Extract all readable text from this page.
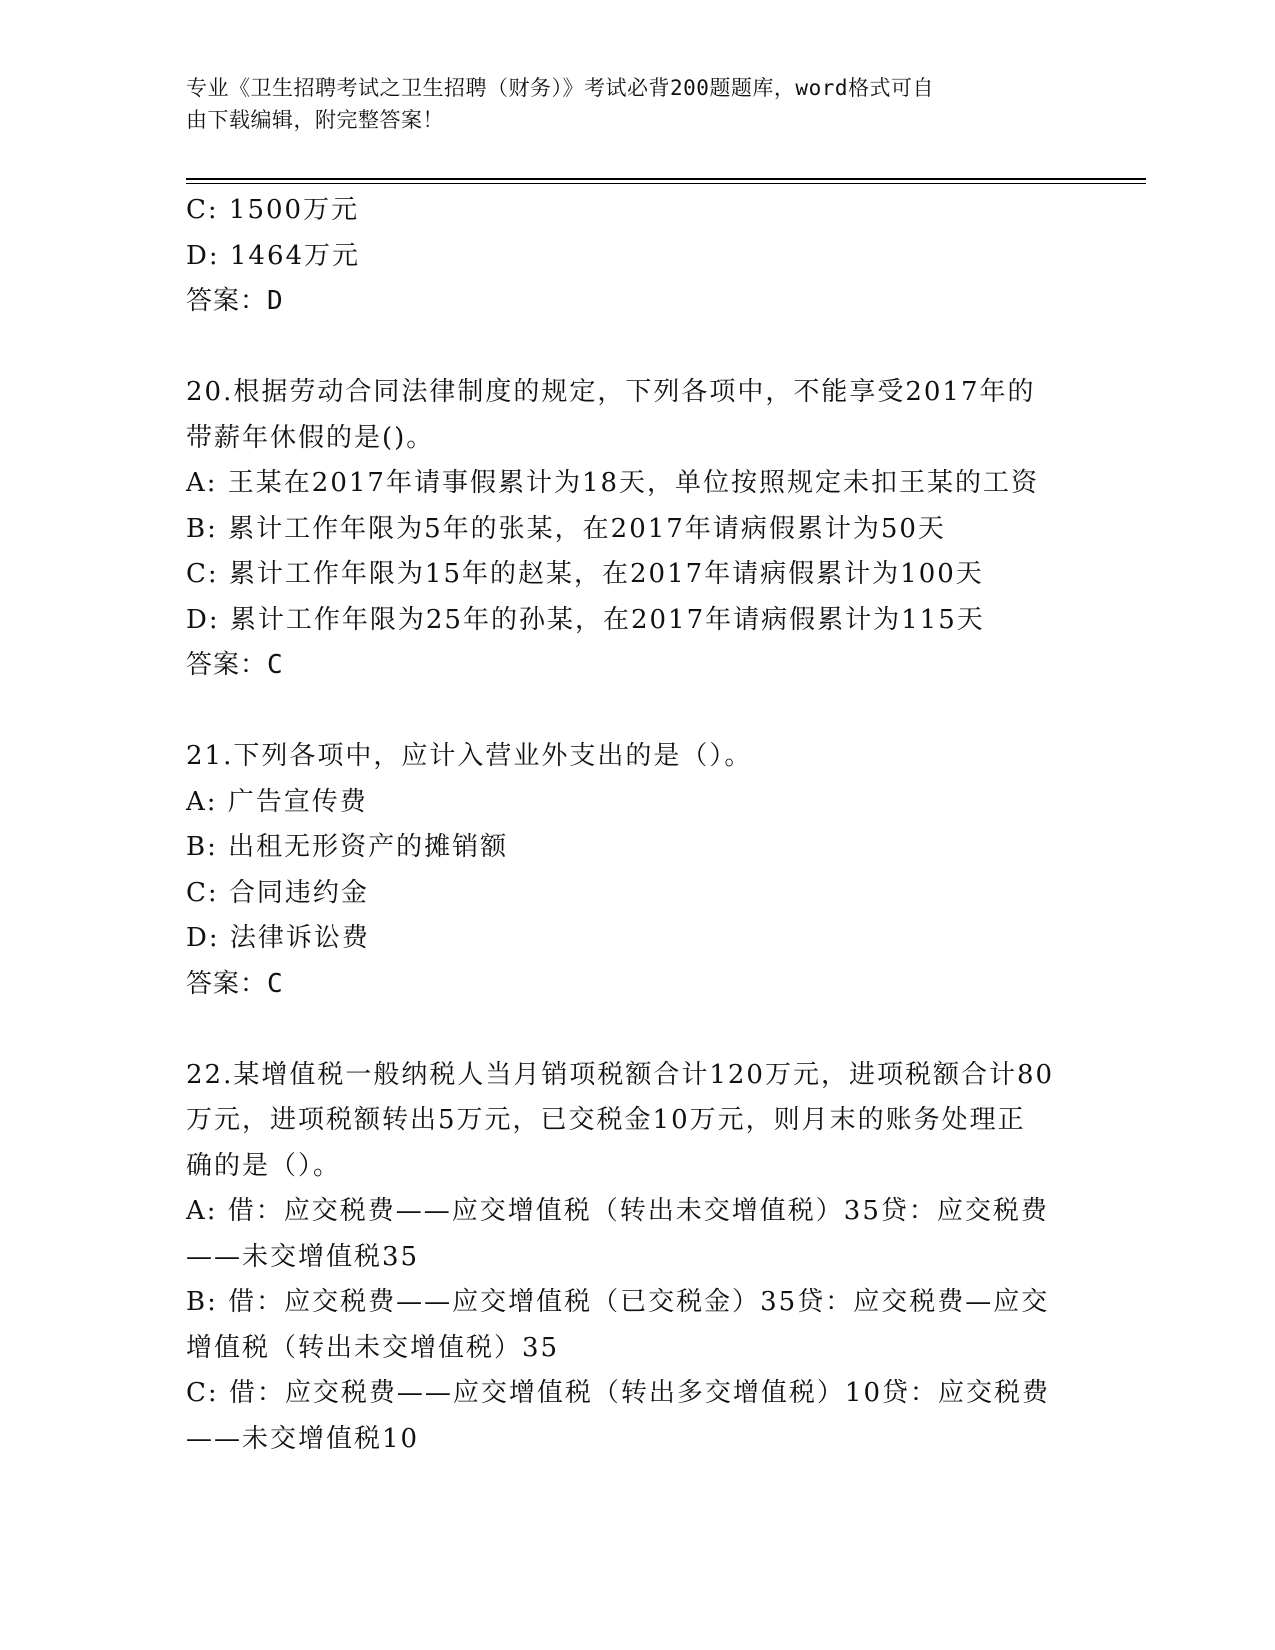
专业《卫生招聘考试之卫生招聘（财务）》考试必背200题题库，word格式可自
由下载编辑，附完整答案！
C: 1500万元
D: 1464万元
答案：D
20.根据劳动合同法律制度的规定，下列各项中，不能享受2017年的
带薪年休假的是()。
A: 王某在2017年请事假累计为18天，单位按照规定未扣王某的工资
B: 累计工作年限为5年的张某，在2017年请病假累计为50天
C: 累计工作年限为15年的赵某，在2017年请病假累计为100天
D: 累计工作年限为25年的孙某，在2017年请病假累计为115天
答案：C
21.下列各项中，应计入营业外支出的是（）。
A: 广告宣传费
B: 出租无形资产的摊销额
C: 合同违约金
D: 法律诉讼费
答案：C
22.某增值税一般纳税人当月销项税额合计120万元，进项税额合计80
万元，进项税额转出5万元，已交税金10万元，则月末的账务处理正
确的是（）。
A: 借：应交税费——应交增值税（转出未交增值税）35贷：应交税费
——未交增值税35
B: 借：应交税费——应交增值税（已交税金）35贷：应交税费—应交
增值税（转出未交增值税）35
C: 借：应交税费——应交增值税（转出多交增值税）10贷：应交税费
——未交增值税10
